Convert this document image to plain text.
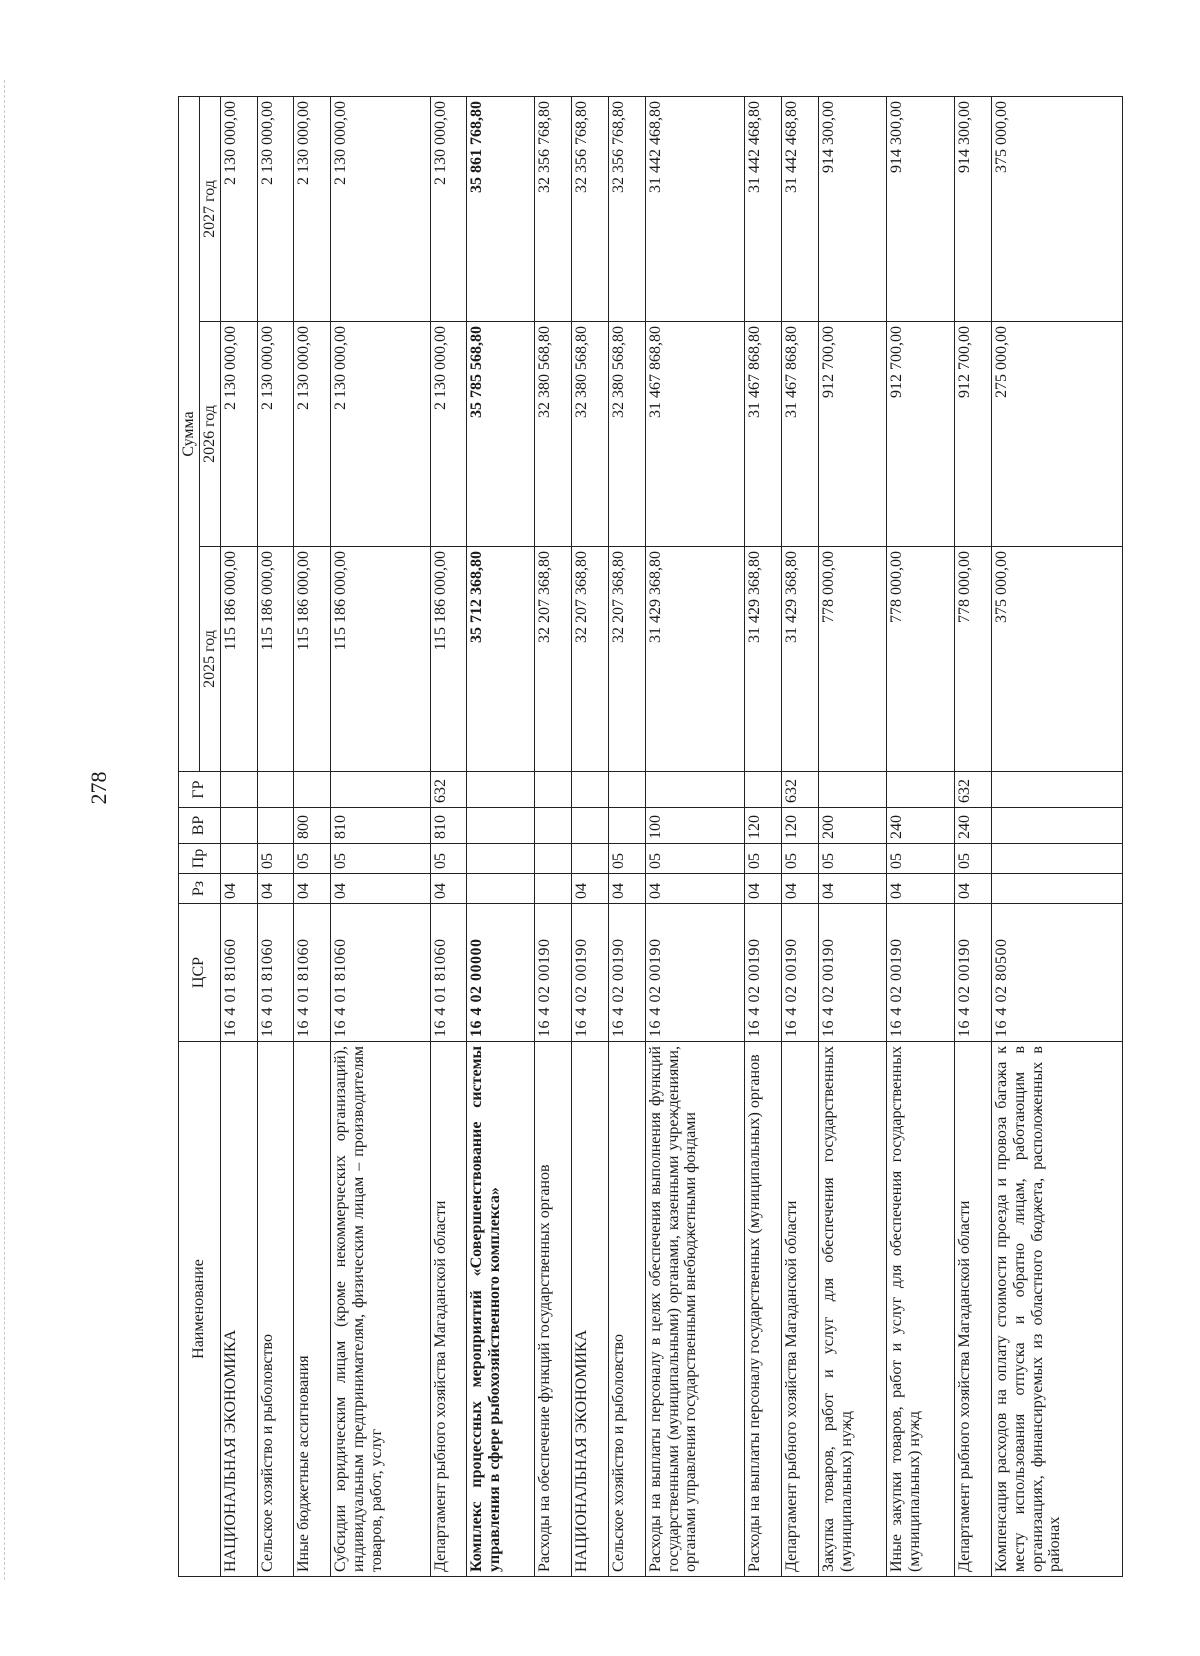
278
Наименование	ЦСР	Рз	Пр	ВР	ГР	Сумма		
						2025 год	2026 год	2027 год
НАЦИОНАЛЬНАЯ ЭКОНОМИКА	16 4 01 81060	04				115 186 000,00	2 130 000,00	2 130 000,00
Сельское хозяйство и рыболовство	16 4 01 81060	04	05			115 186 000,00	2 130 000,00	2 130 000,00
Иные бюджетные ассигнования	16 4 01 81060	04	05	800		115 186 000,00	2 130 000,00	2 130 000,00
Субсидии юридическим лицам (кроме некоммерческих организаций), индивидуальным предпринимателям, физическим лицам – производителям товаров, работ, услуг	16 4 01 81060	04	05	810		115 186 000,00	2 130 000,00	2 130 000,00
Департамент рыбного хозяйства Магаданской области	16 4 01 81060	04	05	810	632	115 186 000,00	2 130 000,00	2 130 000,00
Комплекс процессных мероприятий «Совершенствование системы управления в сфере рыбохозяйственного комплекса»	16 4 02 00000					35 712 368,80	35 785 568,80	35 861 768,80
Расходы на обеспечение функций государственных органов	16 4 02 00190					32 207 368,80	32 380 568,80	32 356 768,80
НАЦИОНАЛЬНАЯ ЭКОНОМИКА	16 4 02 00190	04				32 207 368,80	32 380 568,80	32 356 768,80
Сельское хозяйство и рыболовство	16 4 02 00190	04	05			32 207 368,80	32 380 568,80	32 356 768,80
Расходы на выплаты персоналу в целях обеспечения выполнения функций государственными (муниципальными) органами, казенными учреждениями, органами управления государственными внебюджетными фондами	16 4 02 00190	04	05	100		31 429 368,80	31 467 868,80	31 442 468,80
Расходы на выплаты персоналу государственных (муниципальных) органов	16 4 02 00190	04	05	120		31 429 368,80	31 467 868,80	31 442 468,80
Департамент рыбного хозяйства Магаданской области	16 4 02 00190	04	05	120	632	31 429 368,80	31 467 868,80	31 442 468,80
Закупка товаров, работ и услуг для обеспечения государственных (муниципальных) нужд	16 4 02 00190	04	05	200		778 000,00	912 700,00	914 300,00
Иные закупки товаров, работ и услуг для обеспечения государственных (муниципальных) нужд	16 4 02 00190	04	05	240		778 000,00	912 700,00	914 300,00
Департамент рыбного хозяйства Магаданской области	16 4 02 00190	04	05	240	632	778 000,00	912 700,00	914 300,00
Компенсация расходов на оплату стоимости проезда и провоза багажа к месту использования отпуска и обратно лицам, работающим в организациях, финансируемых из областного бюджета, расположенных в районах	16 4 02 80500					375 000,00	275 000,00	375 000,00
